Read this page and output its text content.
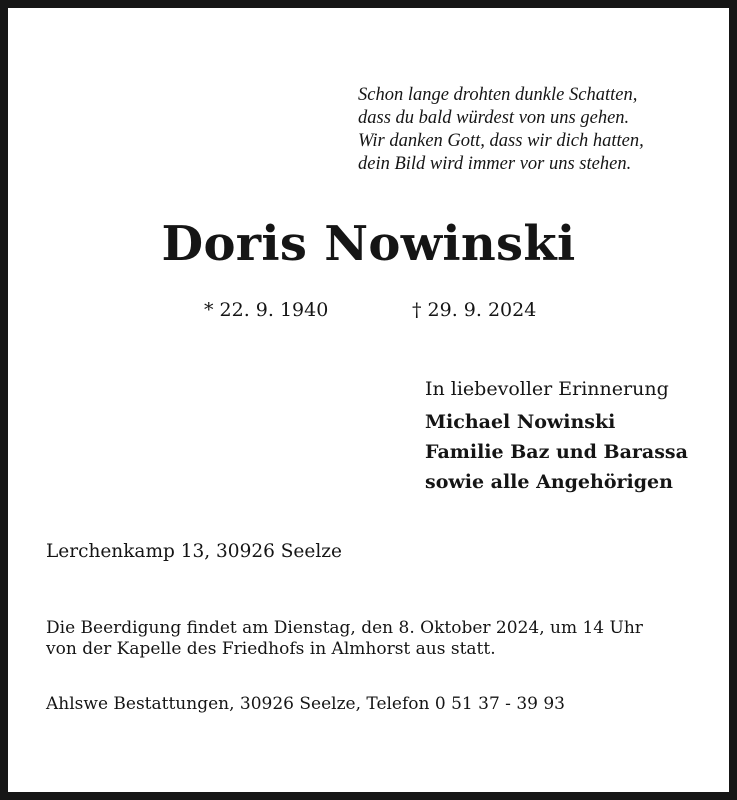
Schon lange drohten dunkle Schatten,
dass du bald würdest von uns gehen.
Wir danken Gott, dass wir dich hatten,
dein Bild wird immer vor uns stehen.
Doris Nowinski
* 22. 9. 1940	† 29. 9. 2024
In liebevoller Erinnerung
Michael Nowinski
Familie Baz und Barassa
sowie alle Angehörigen
Lerchenkamp 13, 30926 Seelze
Die Beerdigung findet am Dienstag, den 8. Oktober 2024, um 14 Uhr
von der Kapelle des Friedhofs in Almhorst aus statt.
Ahlswe Bestattungen, 30926 Seelze, Telefon 0 51 37 - 39 93
